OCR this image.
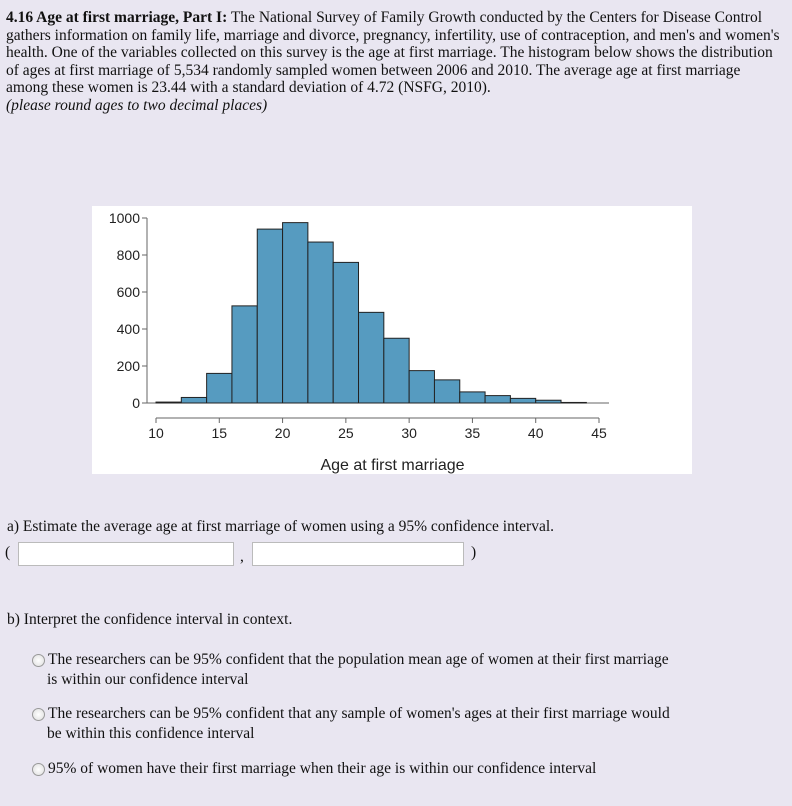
4.16 Age at first marriage, Part I: The National Survey of Family Growth conducted by the Centers for Disease Control gathers information on family life, marriage and divorce, pregnancy, infertility, use of contraception, and men's and women's health. One of the variables collected on this survey is the age at first marriage. The histogram below shows the distribution of ages at first marriage of 5,534 randomly sampled women between 2006 and 2010. The average age at first marriage among these women is 23.44 with a standard deviation of 4.72 (NSFG, 2010).
(please round ages to two decimal places)
0
200
400
600
800
1000
10	15	20	25	30	35	40	45
Age at first marriage
a) Estimate the average age at first marriage of women using a 95% confidence interval.
(	,	)
b) Interpret the confidence interval in context.
The researchers can be 95% confident that the population mean age of women at their first marriage
is within our confidence interval
The researchers can be 95% confident that any sample of women's ages at their first marriage would
be within this confidence interval
95% of women have their first marriage when their age is within our confidence interval
